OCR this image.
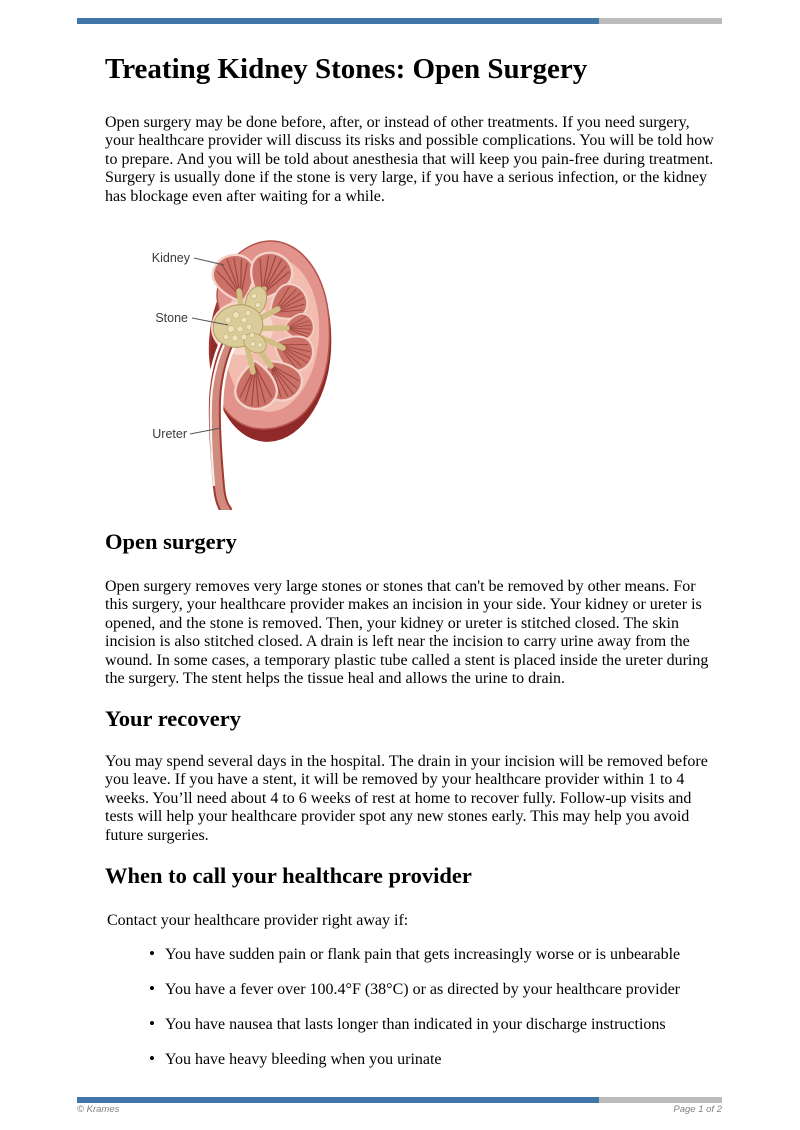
Treating Kidney Stones: Open Surgery

Open surgery may be done before, after, or instead of other treatments. If you need surgery, your healthcare provider will discuss its risks and possible complications. You will be told how to prepare. And you will be told about anesthesia that will keep you pain-free during treatment. Surgery is usually done if the stone is very large, if you have a serious infection, or the kidney has blockage even after waiting for a while.

Kidney
Stone
Ureter
Open surgery

Open surgery removes very large stones or stones that can't be removed by other means. For this surgery, your healthcare provider makes an incision in your side. Your kidney or ureter is opened, and the stone is removed. Then, your kidney or ureter is stitched closed. The skin incision is also stitched closed. A drain is left near the incision to carry urine away from the wound. In some cases, a temporary plastic tube called a stent is placed inside the ureter during the surgery. The stent helps the tissue heal and allows the urine to drain.

Your recovery

You may spend several days in the hospital. The drain in your incision will be removed before you leave. If you have a stent, it will be removed by your healthcare provider within 1 to 4 weeks. You’ll need about 4 to 6 weeks of rest at home to recover fully. Follow-up visits and tests will help your healthcare provider spot any new stones early. This may help you avoid future surgeries.

When to call your healthcare provider

Contact your healthcare provider right away if:

• You have sudden pain or flank pain that gets increasingly worse or is unbearable
• You have a fever over 100.4°F (38°C) or as directed by your healthcare provider
• You have nausea that lasts longer than indicated in your discharge instructions
• You have heavy bleeding when you urinate

© Krames	Page 1 of 2
